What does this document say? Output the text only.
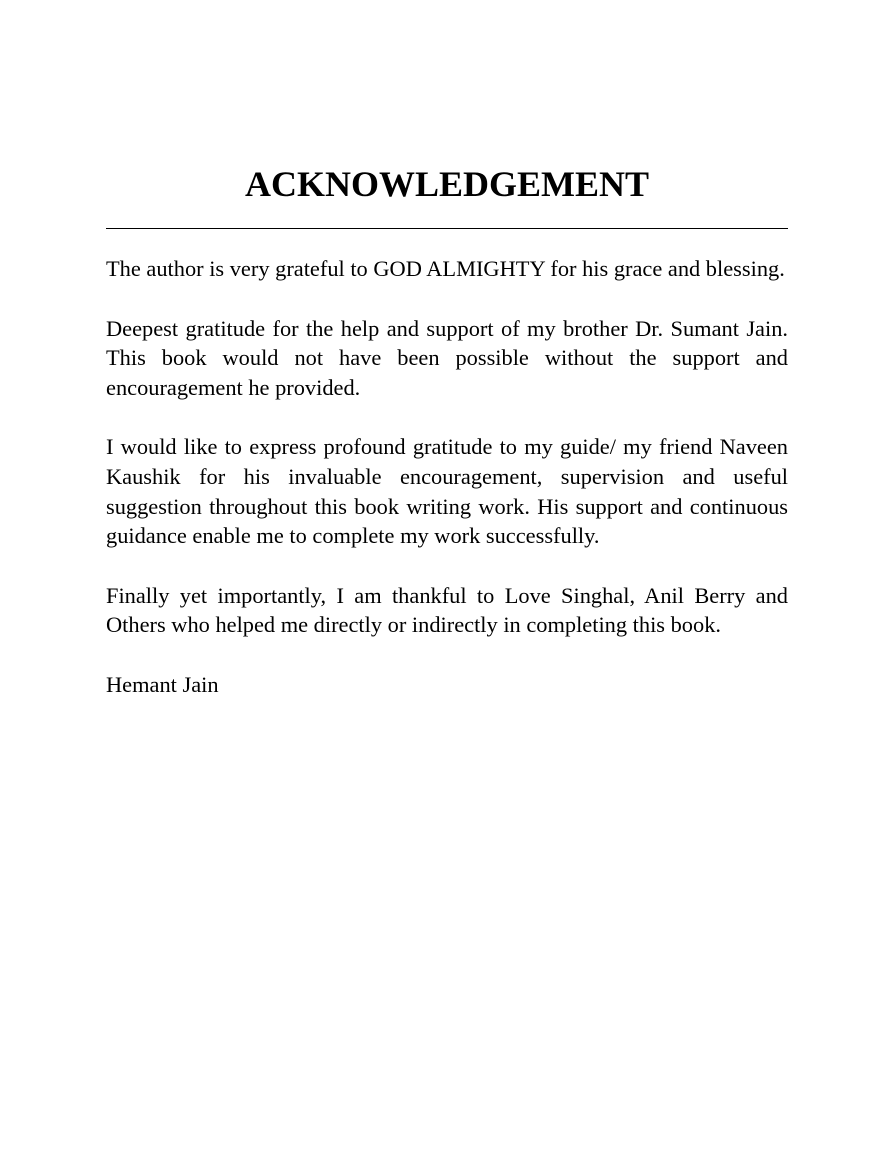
ACKNOWLEDGEMENT

The author is very grateful to GOD ALMIGHTY for his grace and blessing.

Deepest gratitude for the help and support of my brother Dr. Sumant Jain. This book would not have been possible without the support and encouragement he provided.

I would like to express profound gratitude to my guide/ my friend Naveen Kaushik for his invaluable encouragement, supervision and useful suggestion throughout this book writing work. His support and continuous guidance enable me to complete my work successfully.

Finally yet importantly, I am thankful to Love Singhal, Anil Berry and Others who helped me directly or indirectly in completing this book.

Hemant Jain
